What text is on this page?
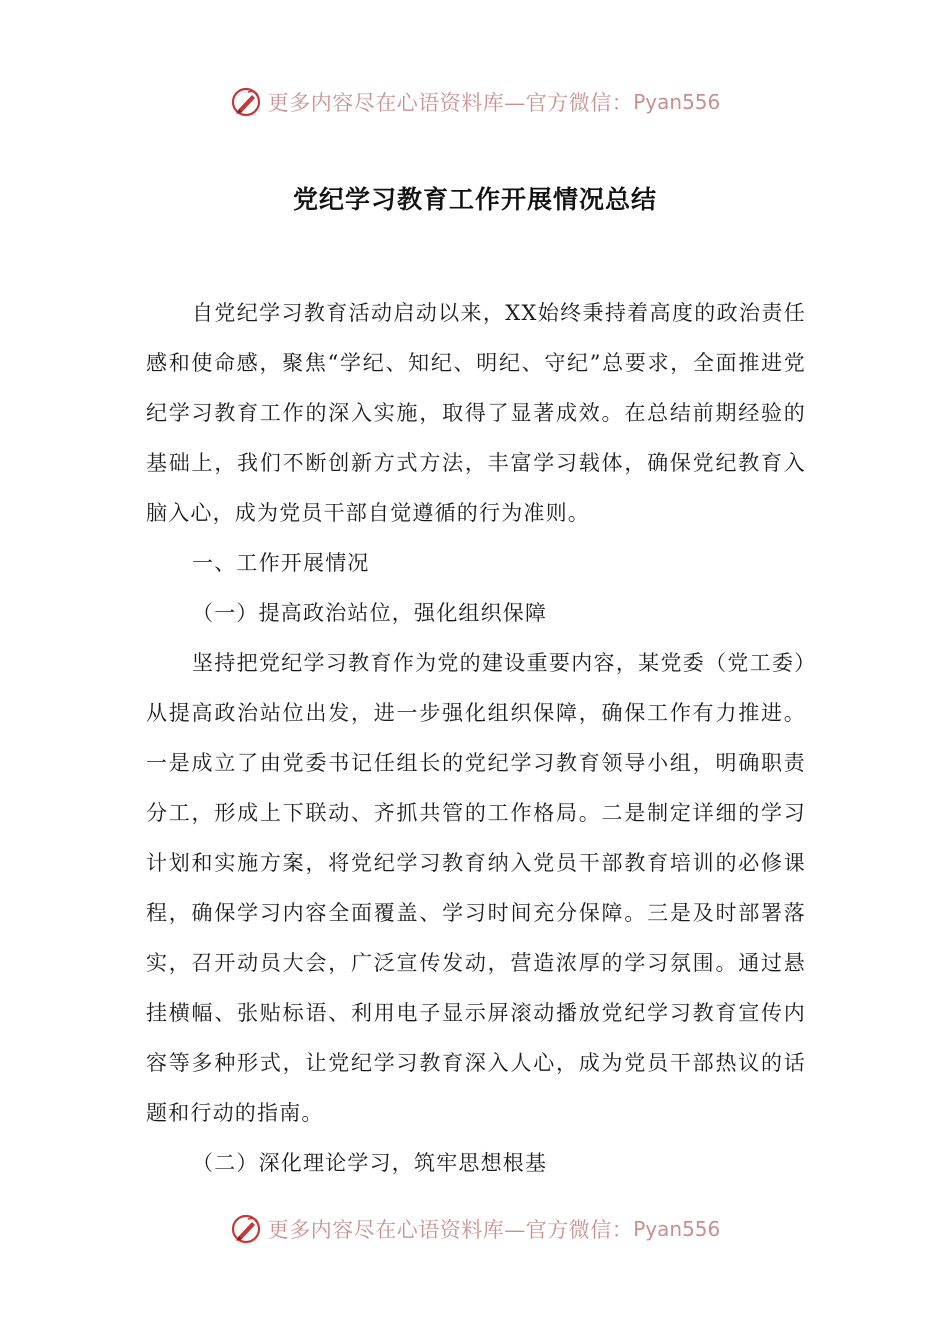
更多内容尽在心语资料库—官方微信： Pyan556
党纪学习教育工作开展情况总结

自党纪学习教育活动启动以来，XX始终秉持着高度的政治责任感和使命感，聚焦“学纪、知纪、明纪、守纪”总要求，全面推进党纪学习教育工作的深入实施，取得了显著成效。在总结前期经验的基础上，我们不断创新方式方法，丰富学习载体，确保党纪教育入脑入心，成为党员干部自觉遵循的行为准则。

一、工作开展情况

（一）提高政治站位，强化组织保障

坚持把党纪学习教育作为党的建设重要内容，某党委（党工委）从提高政治站位出发，进一步强化组织保障，确保工作有力推进。一是成立了由党委书记任组长的党纪学习教育领导小组，明确职责分工，形成上下联动、齐抓共管的工作格局。二是制定详细的学习计划和实施方案，将党纪学习教育纳入党员干部教育培训的必修课程，确保学习内容全面覆盖、学习时间充分保障。三是及时部署落实，召开动员大会，广泛宣传发动，营造浓厚的学习氛围。通过悬挂横幅、张贴标语、利用电子显示屏滚动播放党纪学习教育宣传内容等多种形式，让党纪学习教育深入人心，成为党员干部热议的话题和行动的指南。

（二）深化理论学习，筑牢思想根基

更多内容尽在心语资料库—官方微信： Pyan556
